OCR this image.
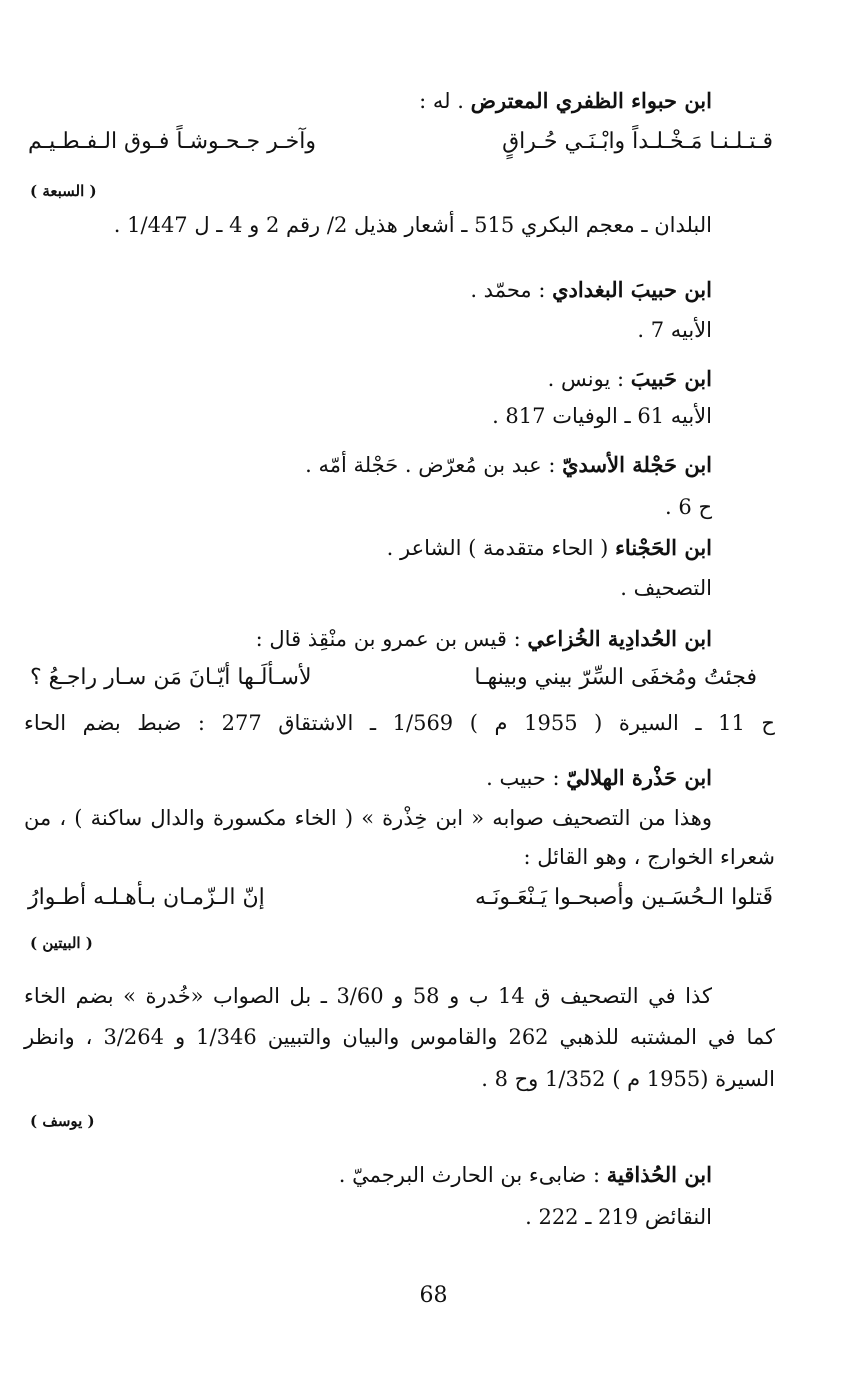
ابن حبواء الظفري المعترض . له :
قـتـلـنـا مَـخْـلـداً وابْـنَـي حُـراقٍ
وآخـر جـحـوشـاً فـوق الـفـطـيـم
( السبعة )
البلدان ـ معجم البكري 515 ـ أشعار هذيل 2/ رقم 2 و 4 ـ ل 1/447 .
ابن حبيبَ البغدادي : محمّد .
الأبيه 7 .
ابن حَبيبَ : يونس .
الأبيه 61 ـ الوفيات 817 .
ابن حَجْلة الأسديّ : عبد بن مُعرّض . حَجْلة أمّه .
ح 6 .
ابن الحَجْناء ( الحاء متقدمة ) الشاعر .
التصحيف .
ابن الحُدادِية الخُزاعي : قيس بن عمرو بن منْقِذ قال :
فجئتُ ومُخفَى السِّرّ بيني وبينهـا
لأسـألَـها أيّـانَ مَن سـار راجـعُ ؟
ح 11 ـ السيرة ( 1955 م ) 1/569 ـ الاشتقاق 277 : ضبط بضم الحاء
ابن حَذْرة الهلاليّ : حبيب .
وهذا من التصحيف صوابه « ابن خِذْرة » ( الخاء مكسورة والدال ساكنة ) ، من
شعراء الخوارج ، وهو القائل :
قَتلوا الـحُسَـين وأصبحـوا يَـنْعَـونَـه
إنّ الـزّمـان بـأهـلـه أطـوارُ
( البيتين )
كذا في التصحيف ق 14 ب و 58 و 3/60 ـ بل الصواب «خُدرة » بضم الخاء
كما في المشتبه للذهبي 262 والقاموس والبيان والتبيين 1/346 و 3/264 ، وانظر
السيرة (1955 م ) 1/352 وح 8 .
( يوسف )
ابن الحُذاقية : ضابىء بن الحارث البرجميّ .
النقائض 219 ـ 222 .
68
